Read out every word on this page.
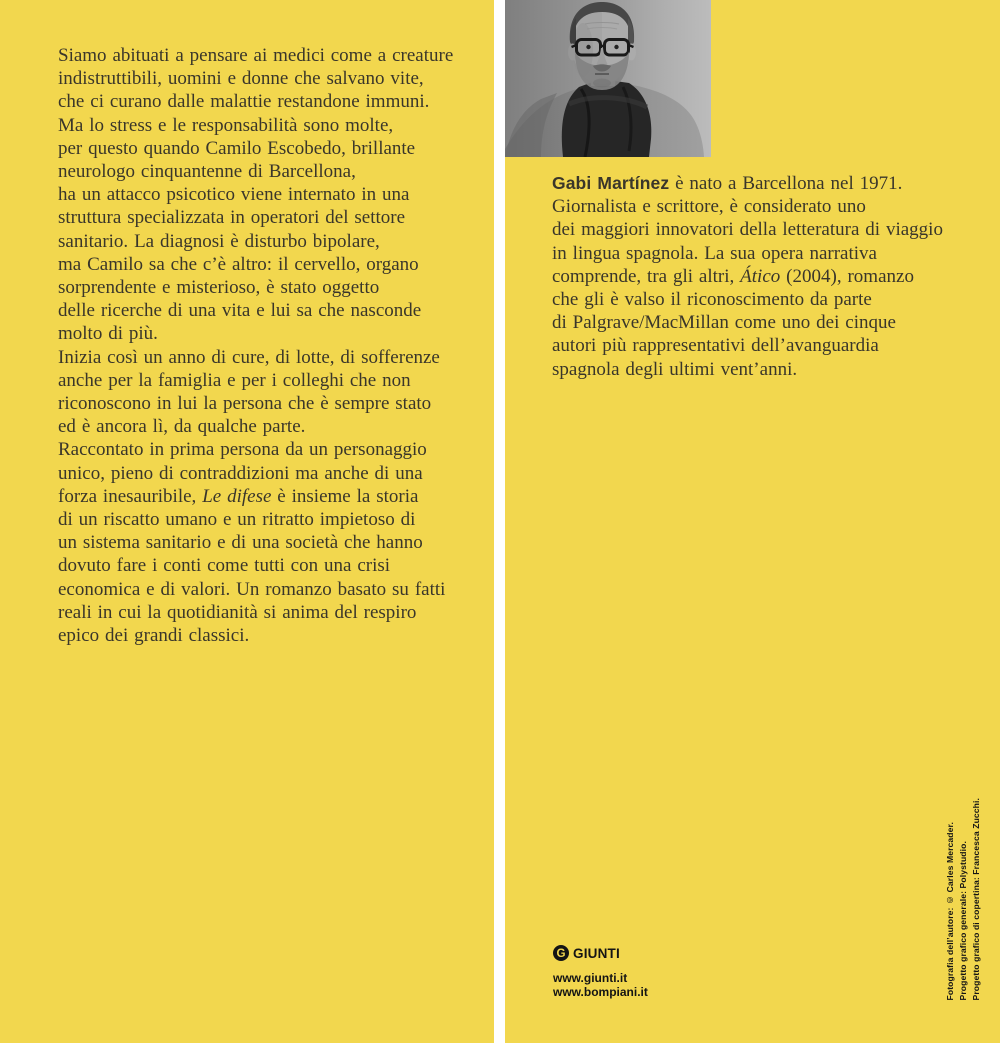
Siamo abituati a pensare ai medici come a creature
indistruttibili, uomini e donne che salvano vite,
che ci curano dalle malattie restandone immuni.
Ma lo stress e le responsabilità sono molte,
per questo quando Camilo Escobedo, brillante
neurologo cinquantenne di Barcellona,
ha un attacco psicotico viene internato in una
struttura specializzata in operatori del settore
sanitario. La diagnosi è disturbo bipolare,
ma Camilo sa che c’è altro: il cervello, organo
sorprendente e misterioso, è stato oggetto
delle ricerche di una vita e lui sa che nasconde
molto di più.
Inizia così un anno di cure, di lotte, di sofferenze
anche per la famiglia e per i colleghi che non
riconoscono in lui la persona che è sempre stato
ed è ancora lì, da qualche parte.
Raccontato in prima persona da un personaggio
unico, pieno di contraddizioni ma anche di una
forza inesauribile, Le difese è insieme la storia
di un riscatto umano e un ritratto impietoso di
un sistema sanitario e di una società che hanno
dovuto fare i conti come tutti con una crisi
economica e di valori. Un romanzo basato su fatti
reali in cui la quotidianità si anima del respiro
epico dei grandi classici.
Gabi Martínez è nato a Barcellona nel 1971.
Giornalista e scrittore, è considerato uno
dei maggiori innovatori della letteratura di viaggio
in lingua spagnola. La sua opera narrativa
comprende, tra gli altri, Ático (2004), romanzo
che gli è valso il riconoscimento da parte
di Palgrave/MacMillan come uno dei cinque
autori più rappresentativi dell’avanguardia
spagnola degli ultimi vent’anni.
Fotografia dell’autore: © Carles Mercader. Progetto grafico generale: Polystudio. Progetto grafico di copertina: Francesca Zucchi.
G GIUNTI
www.giunti.it
www.bompiani.it
